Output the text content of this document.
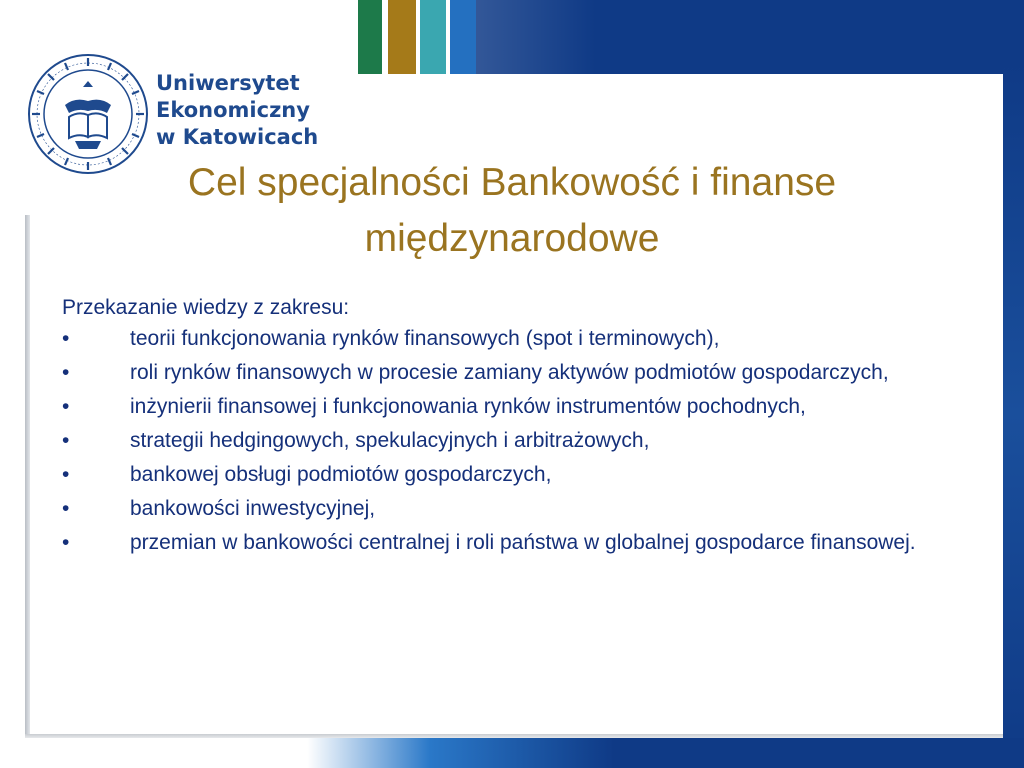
Uniwersytet
Ekonomiczny
w Katowicach
Cel specjalności Bankowość i finanse
międzynarodowe

Przekazanie wiedzy z zakresu:

•	teorii funkcjonowania rynków finansowych (spot i terminowych),
•	roli rynków finansowych w procesie zamiany aktywów podmiotów gospodarczych,
•	inżynierii finansowej i funkcjonowania rynków instrumentów pochodnych,
•	strategii hedgingowych, spekulacyjnych i arbitrażowych,
•	bankowej obsługi podmiotów gospodarczych,
•	bankowości inwestycyjnej,
•	przemian w bankowości centralnej i roli państwa w globalnej gospodarce finansowej.
